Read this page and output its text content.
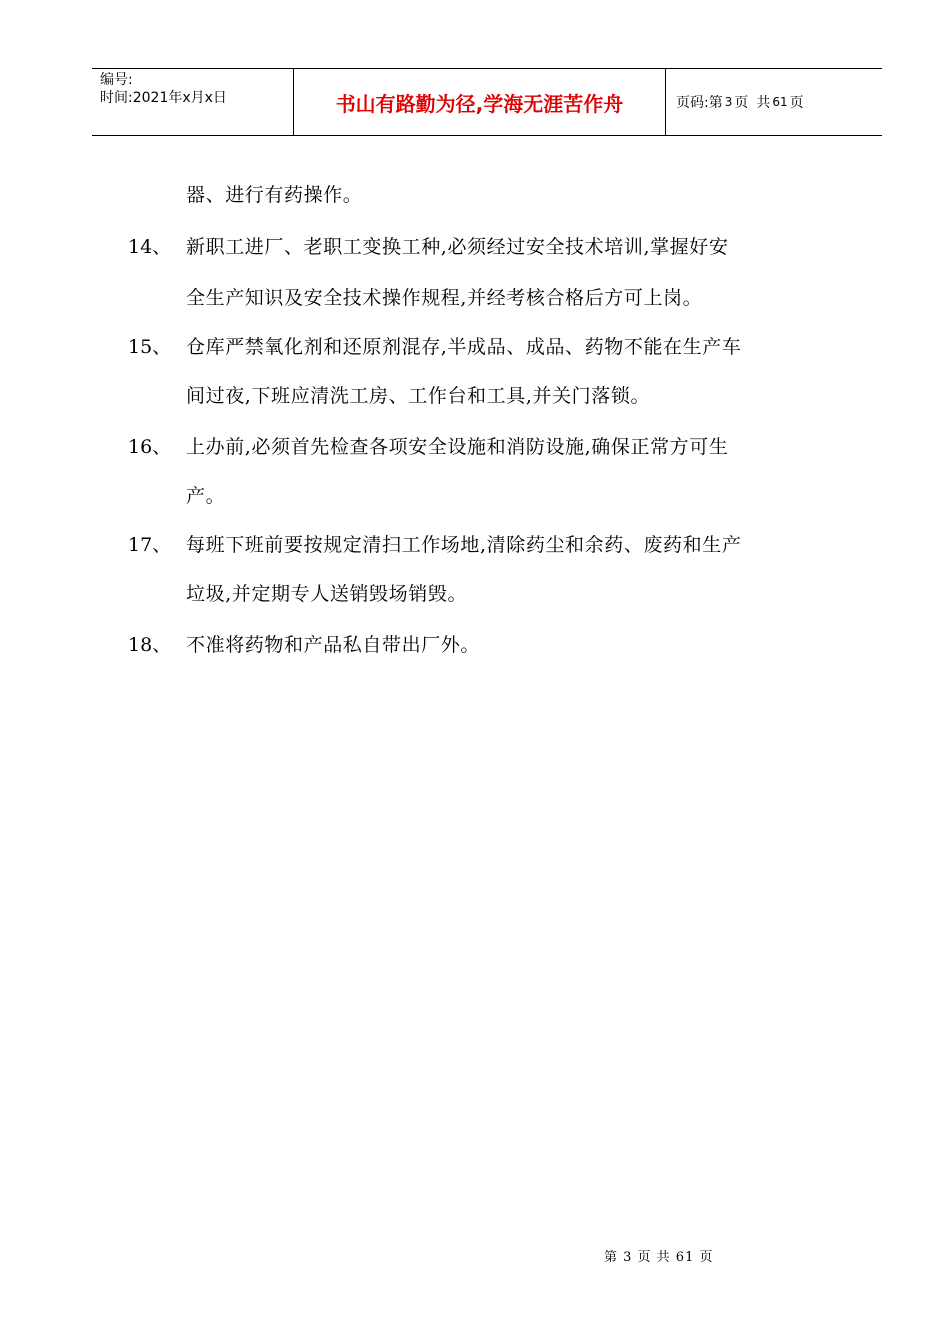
编号:
时间:2021年x月x日	书山有路勤为径,学海无涯苦作舟	页码:第 3 页 共 61 页
器、进行有药操作。
14、 新职工进厂、老职工变换工种,必须经过安全技术培训,掌握好安
全生产知识及安全技术操作规程,并经考核合格后方可上岗。
15、 仓库严禁氧化剂和还原剂混存,半成品、成品、药物不能在生产车
间过夜,下班应清洗工房、工作台和工具,并关门落锁。
16、 上办前,必须首先检查各项安全设施和消防设施,确保正常方可生
产。
17、 每班下班前要按规定清扫工作场地,清除药尘和余药、废药和生产
垃圾,并定期专人送销毁场销毁。
18、 不准将药物和产品私自带出厂外。
第 3 页 共 61 页
